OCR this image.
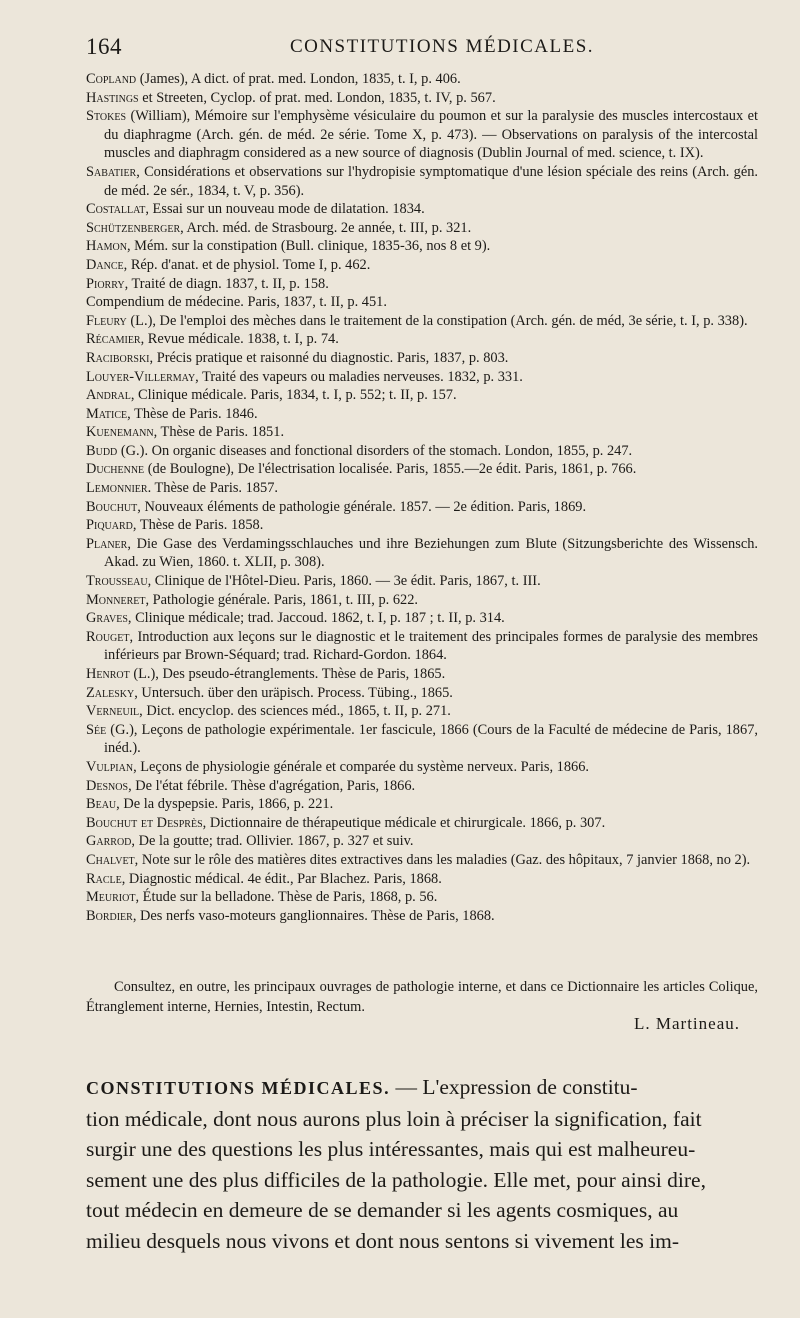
164	CONSTITUTIONS MÉDICALES.

Copland (James), A dict. of prat. med. London, 1835, t. I, p. 406.

Hastings et Streeten, Cyclop. of prat. med. London, 1835, t. IV, p. 567.

Stokes (William), Mémoire sur l'emphysème vésiculaire du poumon et sur la paralysie des muscles intercostaux et du diaphragme (Arch. gén. de méd. 2e série. Tome X, p. 473). — Observations on paralysis of the intercostal muscles and diaphragm considered as a new source of diagnosis (Dublin Journal of med. science, t. IX).

Sabatier, Considérations et observations sur l'hydropisie symptomatique d'une lésion spéciale des reins (Arch. gén. de méd. 2e sér., 1834, t. V, p. 356).

Costallat, Essai sur un nouveau mode de dilatation. 1834.

Schützenberger, Arch. méd. de Strasbourg. 2e année, t. III, p. 321.

Hamon, Mém. sur la constipation (Bull. clinique, 1835-36, nos 8 et 9).

Dance, Rép. d'anat. et de physiol. Tome I, p. 462.

Piorry, Traité de diagn. 1837, t. II, p. 158.

Compendium de médecine. Paris, 1837, t. II, p. 451.

Fleury (L.), De l'emploi des mèches dans le traitement de la constipation (Arch. gén. de méd, 3e série, t. I, p. 338).

Récamier, Revue médicale. 1838, t. I, p. 74.

Raciborski, Précis pratique et raisonné du diagnostic. Paris, 1837, p. 803.

Louyer-Villermay, Traité des vapeurs ou maladies nerveuses. 1832, p. 331.

Andral, Clinique médicale. Paris, 1834, t. I, p. 552; t. II, p. 157.

Matice, Thèse de Paris. 1846.

Kuenemann, Thèse de Paris. 1851.

Budd (G.). On organic diseases and fonctional disorders of the stomach. London, 1855, p. 247.

Duchenne (de Boulogne), De l'électrisation localisée. Paris, 1855.—2e édit. Paris, 1861, p. 766.

Lemonnier. Thèse de Paris. 1857.

Bouchut, Nouveaux éléments de pathologie générale. 1857. — 2e édition. Paris, 1869.

Piquard, Thèse de Paris. 1858.

Planer, Die Gase des Verdamingsschlauches und ihre Beziehungen zum Blute (Sitzungsberichte des Wissensch. Akad. zu Wien, 1860. t. XLII, p. 308).

Trousseau, Clinique de l'Hôtel-Dieu. Paris, 1860. — 3e édit. Paris, 1867, t. III.

Monneret, Pathologie générale. Paris, 1861, t. III, p. 622.

Graves, Clinique médicale; trad. Jaccoud. 1862, t. I, p. 187 ; t. II, p. 314.

Rouget, Introduction aux leçons sur le diagnostic et le traitement des principales formes de paralysie des membres inférieurs par Brown-Séquard; trad. Richard-Gordon. 1864.

Henrot (L.), Des pseudo-étranglements. Thèse de Paris, 1865.

Zalesky, Untersuch. über den uräpisch. Process. Tübing., 1865.

Verneuil, Dict. encyclop. des sciences méd., 1865, t. II, p. 271.

Sée (G.), Leçons de pathologie expérimentale. 1er fascicule, 1866 (Cours de la Faculté de médecine de Paris, 1867, inéd.).

Vulpian, Leçons de physiologie générale et comparée du système nerveux. Paris, 1866.

Desnos, De l'état fébrile. Thèse d'agrégation, Paris, 1866.

Beau, De la dyspepsie. Paris, 1866, p. 221.

Bouchut et Desprès, Dictionnaire de thérapeutique médicale et chirurgicale. 1866, p. 307.

Garrod, De la goutte; trad. Ollivier. 1867, p. 327 et suiv.

Chalvet, Note sur le rôle des matières dites extractives dans les maladies (Gaz. des hôpitaux, 7 janvier 1868, no 2).

Racle, Diagnostic médical. 4e édit., Par Blachez. Paris, 1868.

Meuriot, Étude sur la belladone. Thèse de Paris, 1868, p. 56.

Bordier, Des nerfs vaso-moteurs ganglionnaires. Thèse de Paris, 1868.

Consultez, en outre, les principaux ouvrages de pathologie interne, et dans ce Dictionnaire les articles Colique, Étranglement interne, Hernies, Intestin, Rectum.

L. Martineau.
CONSTITUTIONS MÉDICALES. — L'expression de constitu-
tion médicale, dont nous aurons plus loin à préciser la signification, fait
surgir une des questions les plus intéressantes, mais qui est malheureu-
sement une des plus difficiles de la pathologie. Elle met, pour ainsi dire,
tout médecin en demeure de se demander si les agents cosmiques, au
milieu desquels nous vivons et dont nous sentons si vivement les im-
